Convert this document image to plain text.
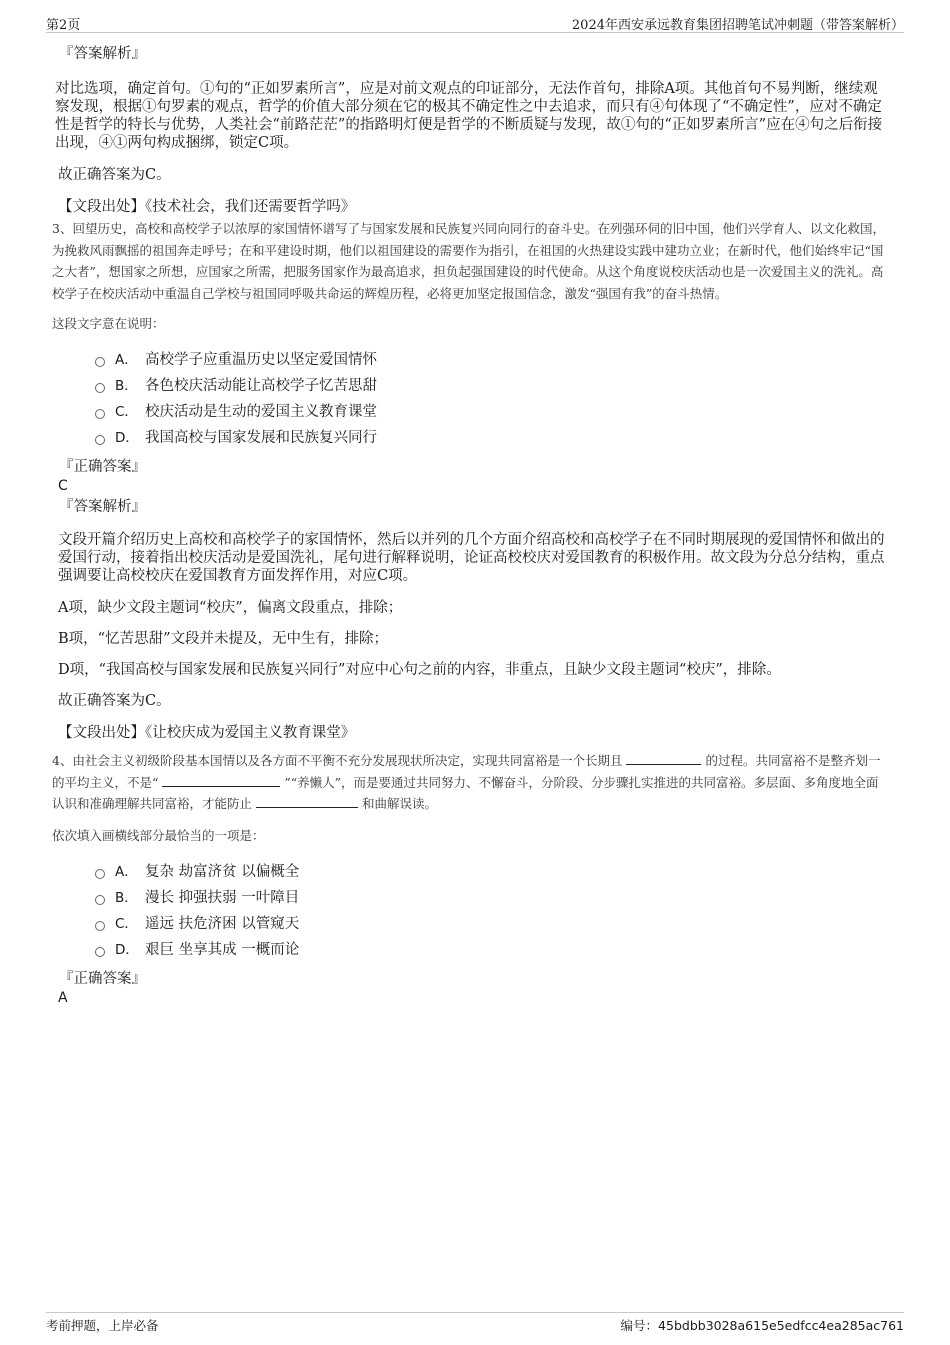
第2页	2024年西安承远教育集团招聘笔试冲刺题（带答案解析）
『答案解析』

对比选项，确定首句。①句的“正如罗素所言”，应是对前文观点的印证部分，无法作首句，排除A项。其他首句不易判断，继续观察发现，根据①句罗素的观点，哲学的价值大部分须在它的极其不确定性之中去追求，而只有④句体现了“不确定性”，应对不确定性是哲学的特长与优势，人类社会“前路茫茫”的指路明灯便是哲学的不断质疑与发现，故①句的“正如罗素所言”应在④句之后衔接出现，④①两句构成捆绑，锁定C项。

故正确答案为C。
【文段出处】《技术社会，我们还需要哲学吗》

3、回望历史，高校和高校学子以浓厚的家国情怀谱写了与国家发展和民族复兴同向同行的奋斗史。在列强环伺的旧中国，他们兴学育人、以文化救国，为挽救风雨飘摇的祖国奔走呼号；在和平建设时期，他们以祖国建设的需要作为指引，在祖国的火热建设实践中建功立业；在新时代，他们始终牢记“国之大者”，想国家之所想，应国家之所需，把服务国家作为最高追求，担负起强国建设的时代使命。从这个角度说校庆活动也是一次爱国主义的洗礼。高校学子在校庆活动中重温自己学校与祖国同呼吸共命运的辉煌历程，必将更加坚定报国信念，激发“强国有我”的奋斗热情。

这段文字意在说明：
A． 高校学子应重温历史以坚定爱国情怀
B． 各色校庆活动能让高校学子忆苦思甜
C． 校庆活动是生动的爱国主义教育课堂
D． 我国高校与国家发展和民族复兴同行
『正确答案』
C
『答案解析』

文段开篇介绍历史上高校和高校学子的家国情怀，然后以并列的几个方面介绍高校和高校学子在不同时期展现的爱国情怀和做出的爱国行动，接着指出校庆活动是爱国洗礼，尾句进行解释说明，论证高校校庆对爱国教育的积极作用。故文段为分总分结构，重点强调要让高校校庆在爱国教育方面发挥作用，对应C项。

A项，缺少文段主题词“校庆”，偏离文段重点，排除；
B项，“忆苦思甜”文段并未提及，无中生有，排除；
D项，“我国高校与国家发展和民族复兴同行”对应中心句之前的内容，非重点，且缺少文段主题词“校庆”，排除。
故正确答案为C。
【文段出处】《让校庆成为爱国主义教育课堂》

4、由社会主义初级阶段基本国情以及各方面不平衡不充分发展现状所决定，实现共同富裕是一个长期且	的过程。共同富裕不是整齐划一的平均主义，不是“	”“养懒人”，而是要通过共同努力、不懈奋斗，分阶段、分步骤扎实推进的共同富裕。多层面、多角度地全面认识和准确理解共同富裕，才能防止	和曲解误读。

依次填入画横线部分最恰当的一项是：
A． 复杂 劫富济贫 以偏概全
B． 漫长 抑强扶弱 一叶障目
C． 遥远 扶危济困 以管窥天
D． 艰巨 坐享其成 一概而论
『正确答案』
A
考前押题，上岸必备	编号：45bdbb3028a615e5edfcc4ea285ac761
